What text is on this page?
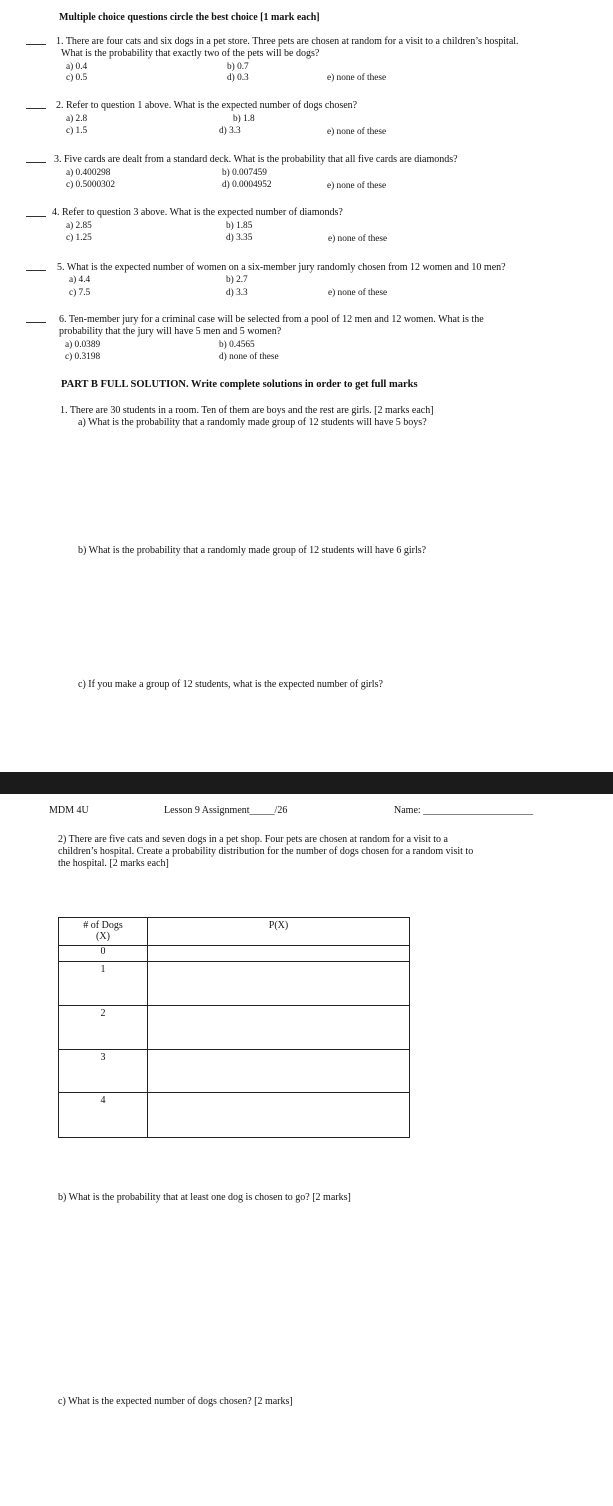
Multiple choice questions circle the best choice [1 mark each]
1. There are four cats and six dogs in a pet store. Three pets are chosen at random for a visit to a children’s hospital.
What is the probability that exactly two of the pets will be dogs?
a) 0.4	b) 0.7
c) 0.5	d) 0.3	e) none of these
2. Refer to question 1 above. What is the expected number of dogs chosen?
a) 2.8	b) 1.8
c) 1.5	d) 3.3	e) none of these
3. Five cards are dealt from a standard deck. What is the probability that all five cards are diamonds?
a) 0.400298	b) 0.007459
c) 0.5000302	d) 0.0004952	e) none of these
4. Refer to question 3 above. What is the expected number of diamonds?
a) 2.85	b) 1.85
c) 1.25	d) 3.35	e) none of these
5. What is the expected number of women on a six-member jury randomly chosen from 12 women and 10 men?
a) 4.4	b) 2.7
c) 7.5	d) 3.3	e) none of these
6. Ten-member jury for a criminal case will be selected from a pool of 12 men and 12 women. What is the
probability that the jury will have 5 men and 5 women?
a) 0.0389	b) 0.4565
c) 0.3198	d) none of these
PART B FULL SOLUTION. Write complete solutions in order to get full marks
1. There are 30 students in a room. Ten of them are boys and the rest are girls. [2 marks each]
a) What is the probability that a randomly made group of 12 students will have 5 boys?
b) What is the probability that a randomly made group of 12 students will have 6 girls?
c) If you make a group of 12 students, what is the expected number of girls?
MDM 4U	Lesson 9 Assignment_____/26	Name: ______________________
2) There are five cats and seven dogs in a pet shop. Four pets are chosen at random for a visit to a
children’s hospital. Create a probability distribution for the number of dogs chosen for a random visit to
the hospital. [2 marks each]
# of Dogs
(X)	P(X)

0	
1	
2	
3	
4	
b) What is the probability that at least one dog is chosen to go? [2 marks]
c) What is the expected number of dogs chosen? [2 marks]
